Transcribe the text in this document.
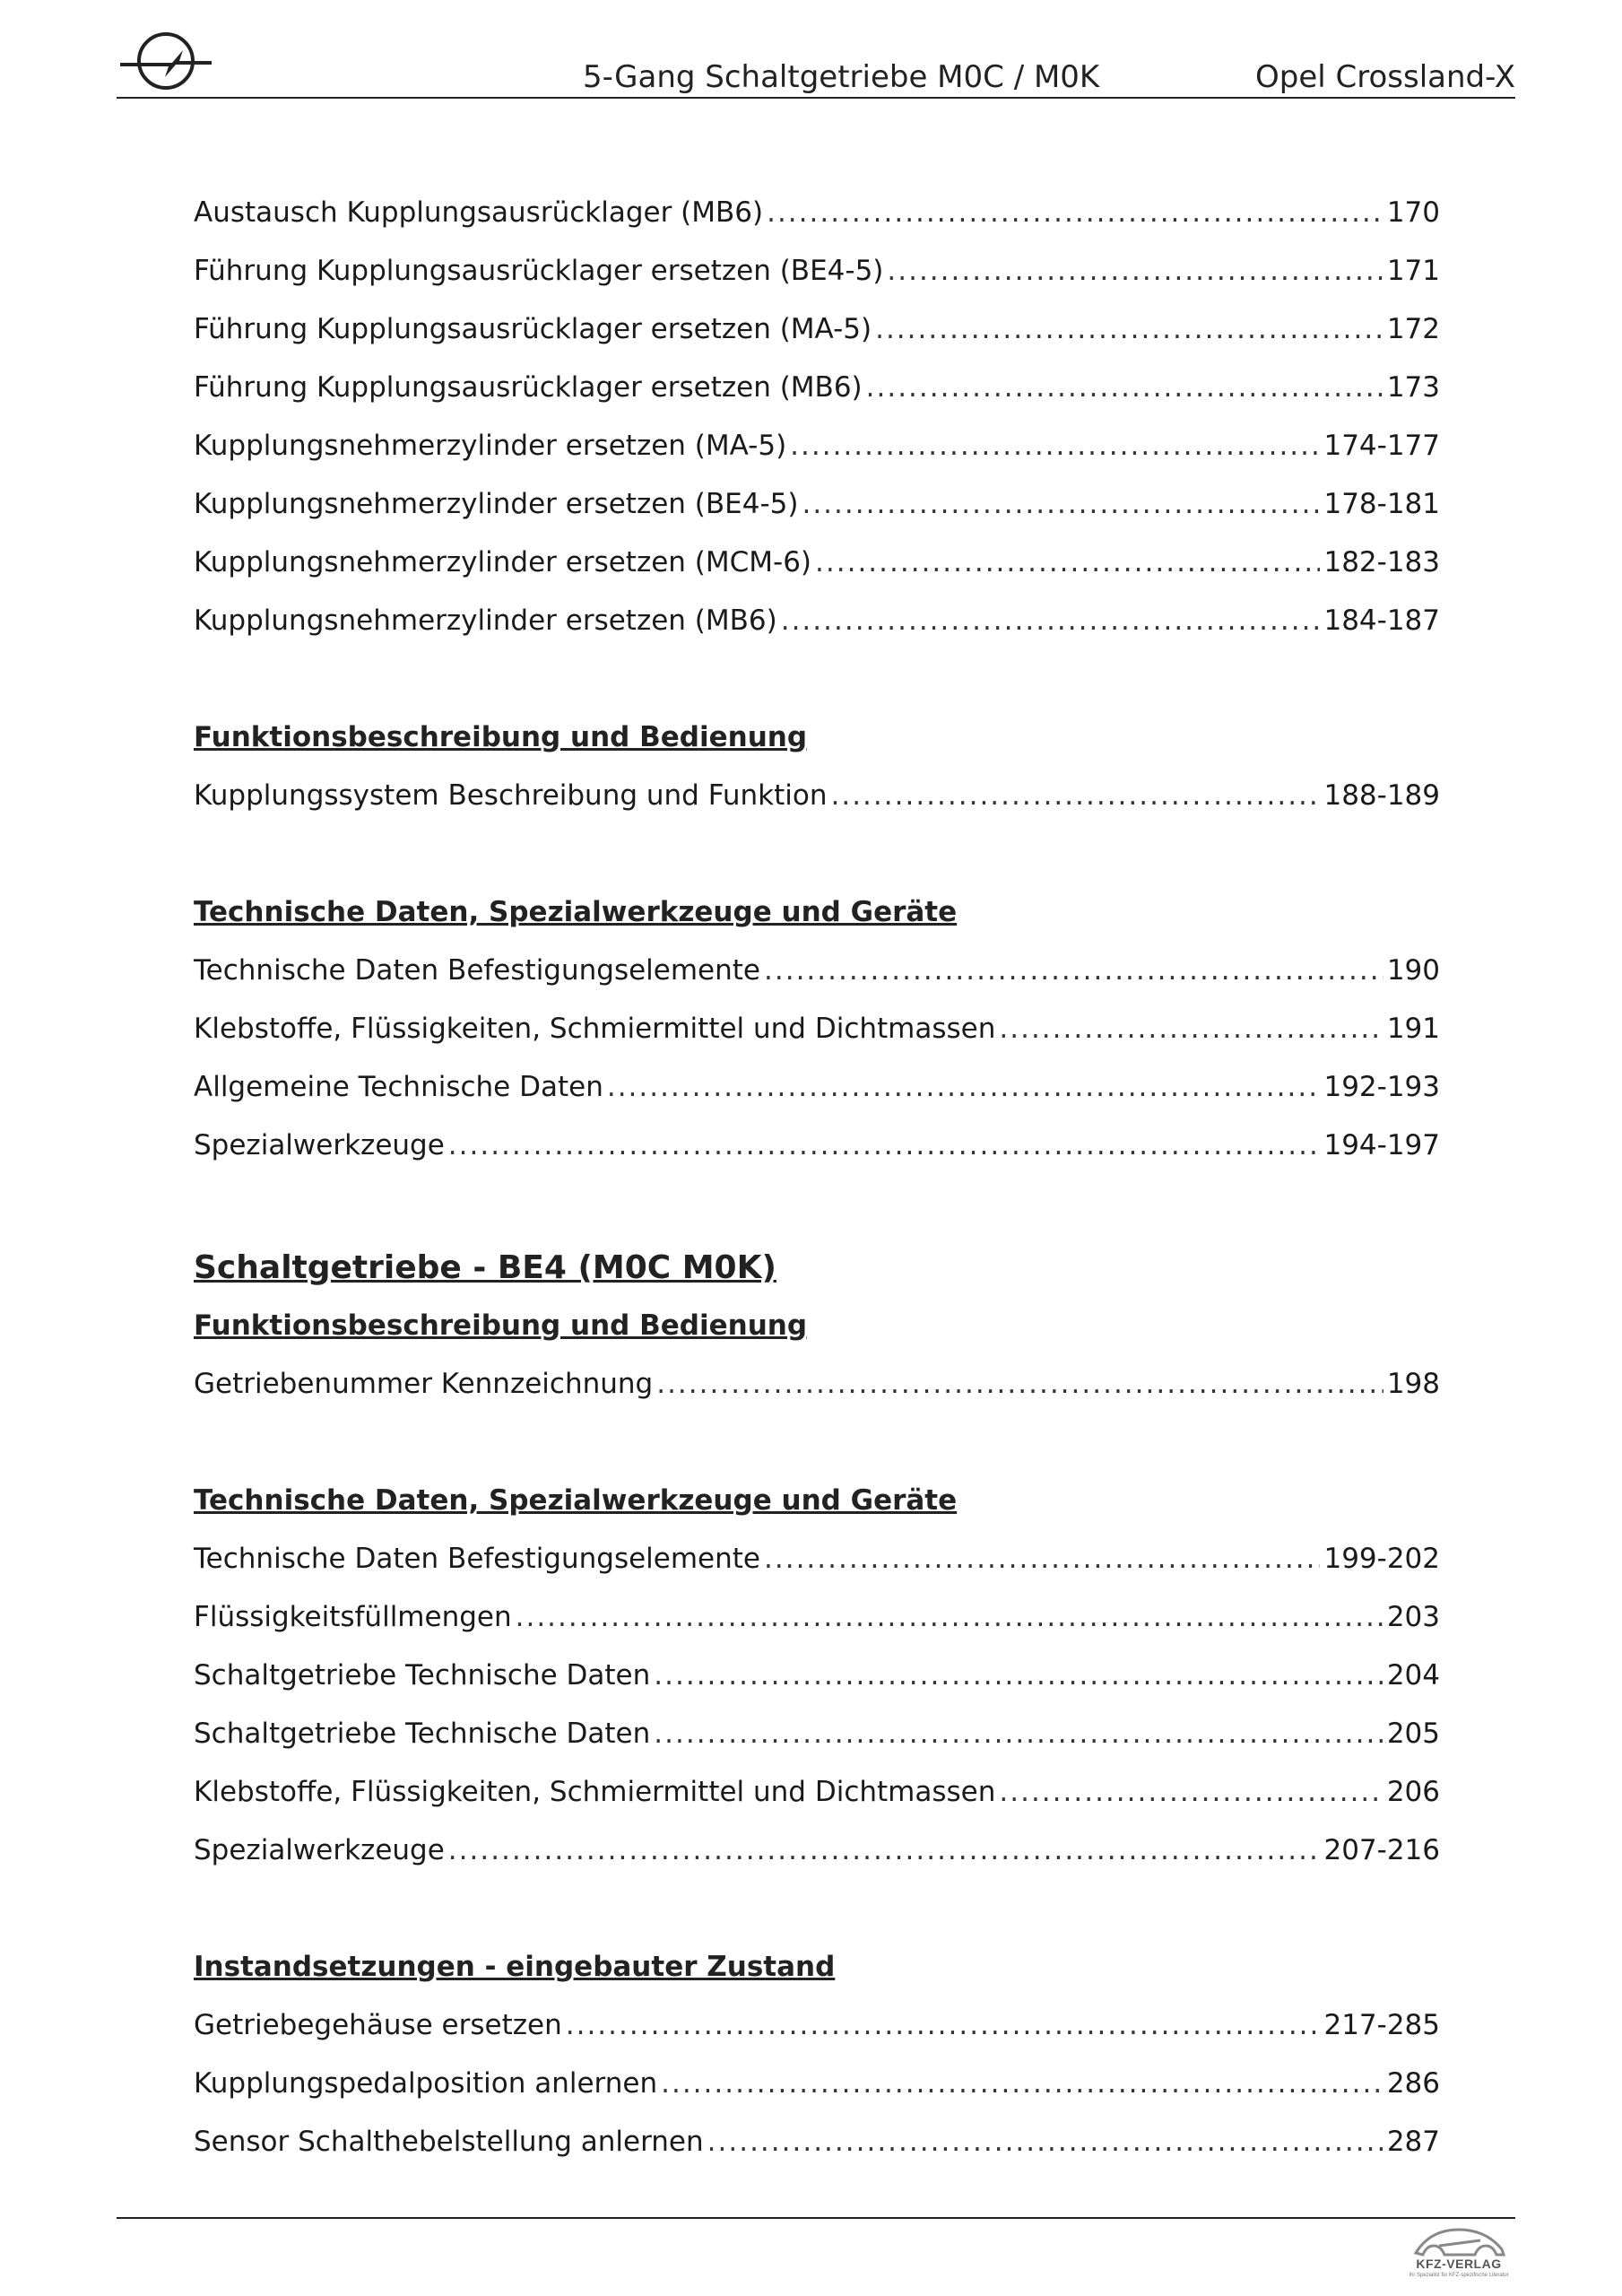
5-Gang Schaltgetriebe M0C / M0K	Opel Crossland-X
Austausch Kupplungsausrücklager (MB6) .....	170
Führung Kupplungsausrücklager ersetzen (BE4-5) .....	171
Führung Kupplungsausrücklager ersetzen (MA-5) .....	172
Führung Kupplungsausrücklager ersetzen (MB6) .....	173
Kupplungsnehmerzylinder ersetzen (MA-5) .....	174-177
Kupplungsnehmerzylinder ersetzen (BE4-5) .....	178-181
Kupplungsnehmerzylinder ersetzen (MCM-6) .....	182-183
Kupplungsnehmerzylinder ersetzen (MB6) .....	184-187
Funktionsbeschreibung und Bedienung
Kupplungssystem Beschreibung und Funktion .....	188-189
Technische Daten, Spezialwerkzeuge und Geräte
Technische Daten Befestigungselemente .....	190
Klebstoffe, Flüssigkeiten, Schmiermittel und Dichtmassen .....	191
Allgemeine Technische Daten .....	192-193
Spezialwerkzeuge .....	194-197
Schaltgetriebe - BE4 (M0C M0K)
Funktionsbeschreibung und Bedienung
Getriebenummer Kennzeichnung .....	198
Technische Daten, Spezialwerkzeuge und Geräte
Technische Daten Befestigungselemente .....	199-202
Flüssigkeitsfüllmengen .....	203
Schaltgetriebe Technische Daten .....	204
Schaltgetriebe Technische Daten .....	205
Klebstoffe, Flüssigkeiten, Schmiermittel und Dichtmassen .....	206
Spezialwerkzeuge .....	207-216
Instandsetzungen - eingebauter Zustand
Getriebegehäuse ersetzen .....	217-285
Kupplungspedalposition anlernen .....	286
Sensor Schalthebelstellung anlernen .....	287
KFZ-VERLAG
Ihr Spezialist für KFZ-spezifische Literatur
